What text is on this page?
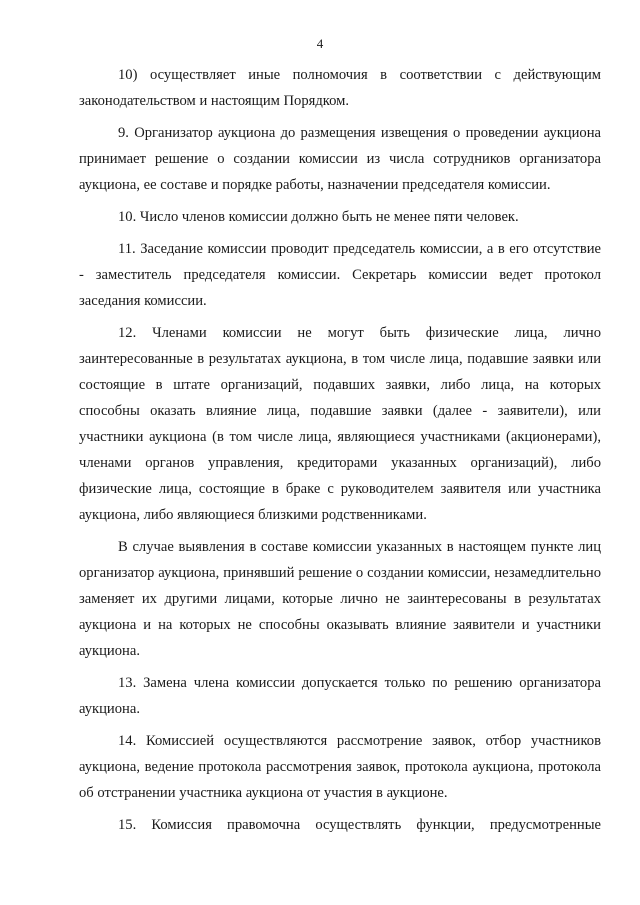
4

10) осуществляет иные полномочия в соответствии с действующим законодательством и настоящим Порядком.

9. Организатор аукциона до размещения извещения о проведении аукциона принимает решение о создании комиссии из числа сотрудников организатора аукциона, ее составе и порядке работы, назначении председателя комиссии.

10. Число членов комиссии должно быть не менее пяти человек.

11. Заседание комиссии проводит председатель комиссии, а в его отсутствие - заместитель председателя комиссии. Секретарь комиссии ведет протокол заседания комиссии.

12. Членами комиссии не могут быть физические лица, лично заинтересованные в результатах аукциона, в том числе лица, подавшие заявки или состоящие в штате организаций, подавших заявки, либо лица, на которых способны оказать влияние лица, подавшие заявки (далее - заявители), или участники аукциона (в том числе лица, являющиеся участниками (акционерами), членами органов управления, кредиторами указанных организаций), либо физические лица, состоящие в браке с руководителем заявителя или участника аукциона, либо являющиеся близкими родственниками.

В случае выявления в составе комиссии указанных в настоящем пункте лиц организатор аукциона, принявший решение о создании комиссии, незамедлительно заменяет их другими лицами, которые лично не заинтересованы в результатах аукциона и на которых не способны оказывать влияние заявители и участники аукциона.

13. Замена члена комиссии допускается только по решению организатора аукциона.

14. Комиссией осуществляются рассмотрение заявок, отбор участников аукциона, ведение протокола рассмотрения заявок, протокола аукциона, протокола об отстранении участника аукциона от участия в аукционе.

15. Комиссия правомочна осуществлять функции, предусмотренные
